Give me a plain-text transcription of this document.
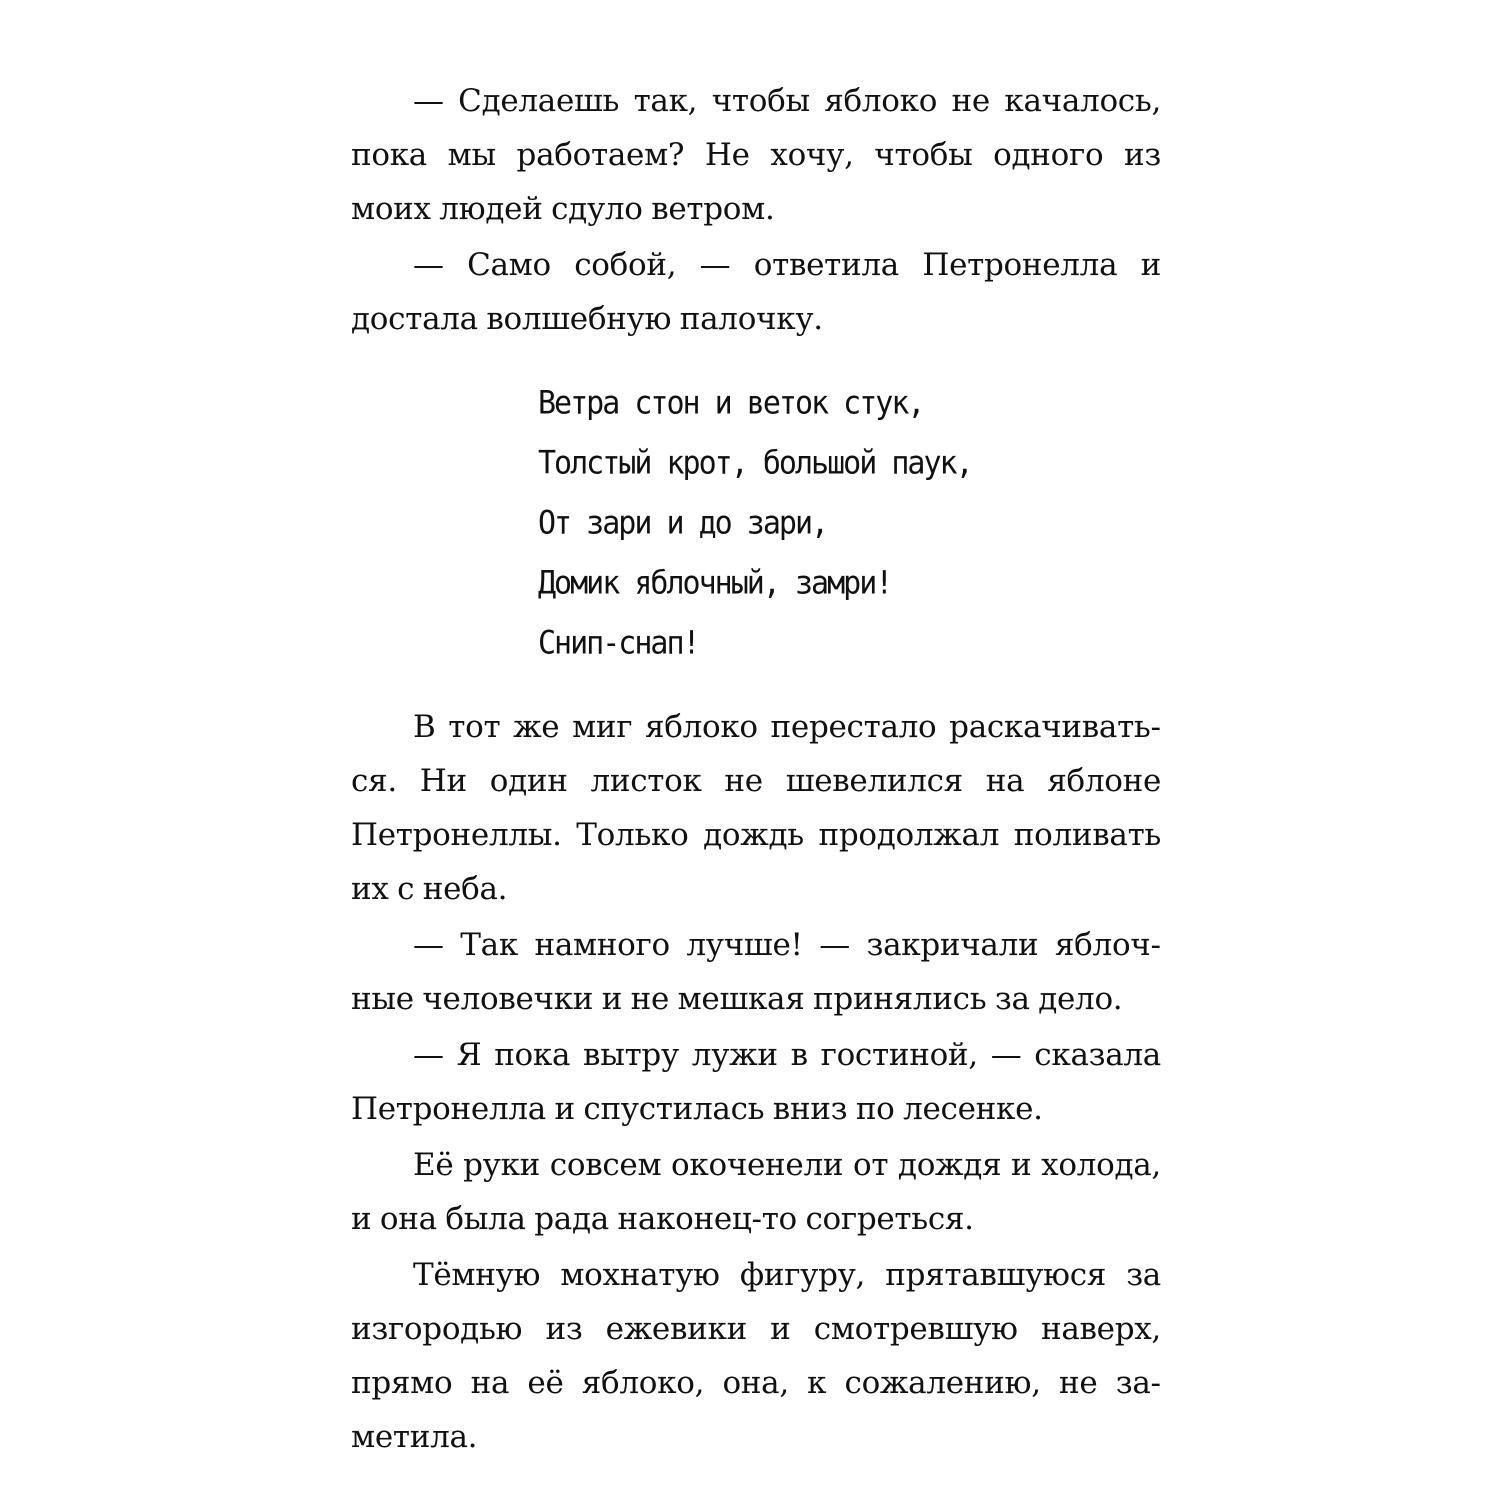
— Сделаешь так, чтобы яблоко не качалось, пока мы работаем? Не хочу, чтобы одного из моих людей сдуло ветром.

— Само собой, — ответила Петронелла и достала волшебную палочку.

Ветра стон и веток стук,
Толстый крот, большой паук,
От зари и до зари,
Домик яблочный, замри!
Снип-снап!

В тот же миг яблоко перестало раскачиваться. Ни один листок не шевелился на яблоне Петронеллы. Только дождь продолжал поливать их с неба.

— Так намного лучше! — закричали яблочные человечки и не мешкая принялись за дело.

— Я пока вытру лужи в гостиной, — сказала Петронелла и спустилась вниз по лесенке.

Её руки совсем окоченели от дождя и холода, и она была рада наконец-то согреться.

Тёмную мохнатую фигуру, прятавшуюся за изгородью из ежевики и смотревшую наверх, прямо на её яблоко, она, к сожалению, не заметила.
